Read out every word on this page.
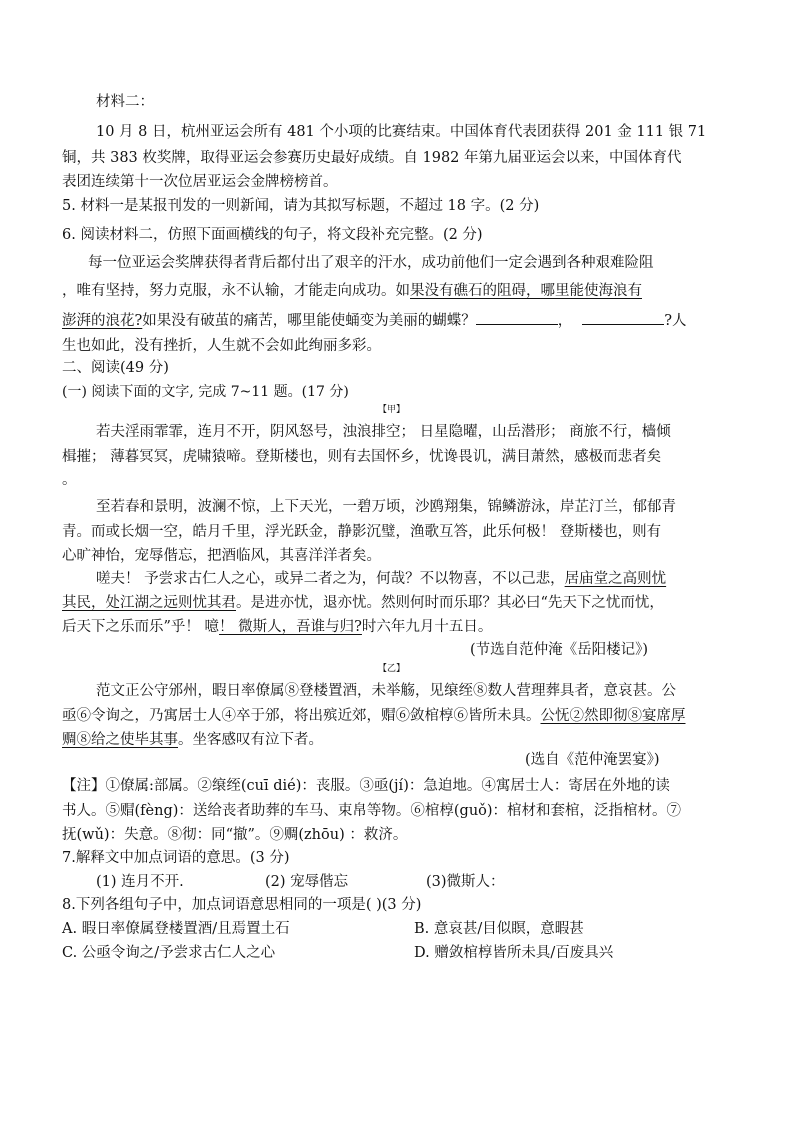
材料二：
10 月 8 日，杭州亚运会所有 481 个小项的比赛结束。中国体育代表团获得 201 金 111 银 71
铜，共 383 枚奖牌，取得亚运会参赛历史最好成绩。自 1982 年第九届亚运会以来，中国体育代
表团连续第十一次位居亚运会金牌榜榜首。
5. 材料一是某报刊发的一则新闻，请为其拟写标题，不超过 18 字。(2 分)
6. 阅读材料二，仿照下面画横线的句子，将文段补充完整。(2 分)
每一位亚运会奖牌获得者背后都付出了艰辛的汗水，成功前他们一定会遇到各种艰难险阻
，唯有坚持，努力克服，永不认输，才能走向成功。如果没有礁石的阻碍，哪里能使海浪有
澎湃的浪花?如果没有破茧的痛苦，哪里能使蛹变为美丽的蝴蝶？	，	?人
生也如此，没有挫折，人生就不会如此绚丽多彩。
二、阅读(49 分)
(一) 阅读下面的文字, 完成 7~11 题。(17 分)
【甲】
若夫淫雨霏霏，连月不开，阴风怒号，浊浪排空； 日星隐曜，山岳潜形； 商旅不行，樯倾
楫摧； 薄暮冥冥，虎啸猿啼。登斯楼也，则有去国怀乡，忧谗畏讥，满目萧然，感极而悲者矣
。
至若春和景明，波澜不惊，上下天光，一碧万顷，沙鸥翔集，锦鳞游泳，岸芷汀兰，郁郁青
青。而或长烟一空，皓月千里，浮光跃金，静影沉璧，渔歌互答，此乐何极！ 登斯楼也，则有
心旷神怡，宠辱偕忘，把酒临风，其喜洋洋者矣。
嗟夫！ 予尝求古仁人之心，或异二者之为，何哉？不以物喜，不以己悲，居庙堂之高则忧
其民，处江湖之远则忧其君。是进亦忧，退亦忧。然则何时而乐耶？其必曰“先天下之忧而忧，
后天下之乐而乐”乎！ 噫！ 微斯人，吾谁与归?时六年九月十五日。
(节选自范仲淹《岳阳楼记》)
【乙】
范文正公守邠州，暇日率僚属⑧登楼置酒，未举觞，见缞绖⑧数人营理葬具者，意哀甚。公
亟⑥令询之，乃寓居士人④卒于邠，将出殡近郊，赗⑥敛棺椁⑥皆所未具。公怃②然即彻⑧宴席厚
赒⑧给之使毕其事。坐客感叹有泣下者。
(选自《范仲淹罢宴》)
【注】①僚属:部属。②缞绖(cuī dié)：丧服。③亟(jí)：急迫地。④寓居士人：寄居在外地的读
书人。⑤赗(fèng)：送给丧者助葬的车马、束帛等物。⑥棺椁(guǒ)：棺材和套棺，泛指棺材。⑦
抚(wǔ)：失意。⑧彻：同“撤”。⑨赒(zhōu) ：救济。
7.解释文中加点词语的意思。(3 分)
(1) 连月不开.	(2) 宠辱偕忘	(3)微斯人：
8.下列各组句子中，加点词语意思相同的一项是( )(3 分)
A. 暇日率僚属登楼置酒/且焉置土石	B. 意哀甚/目似瞑，意暇甚
C. 公亟令询之/予尝求古仁人之心	D. 赠敛棺椁皆所未具/百废具兴
